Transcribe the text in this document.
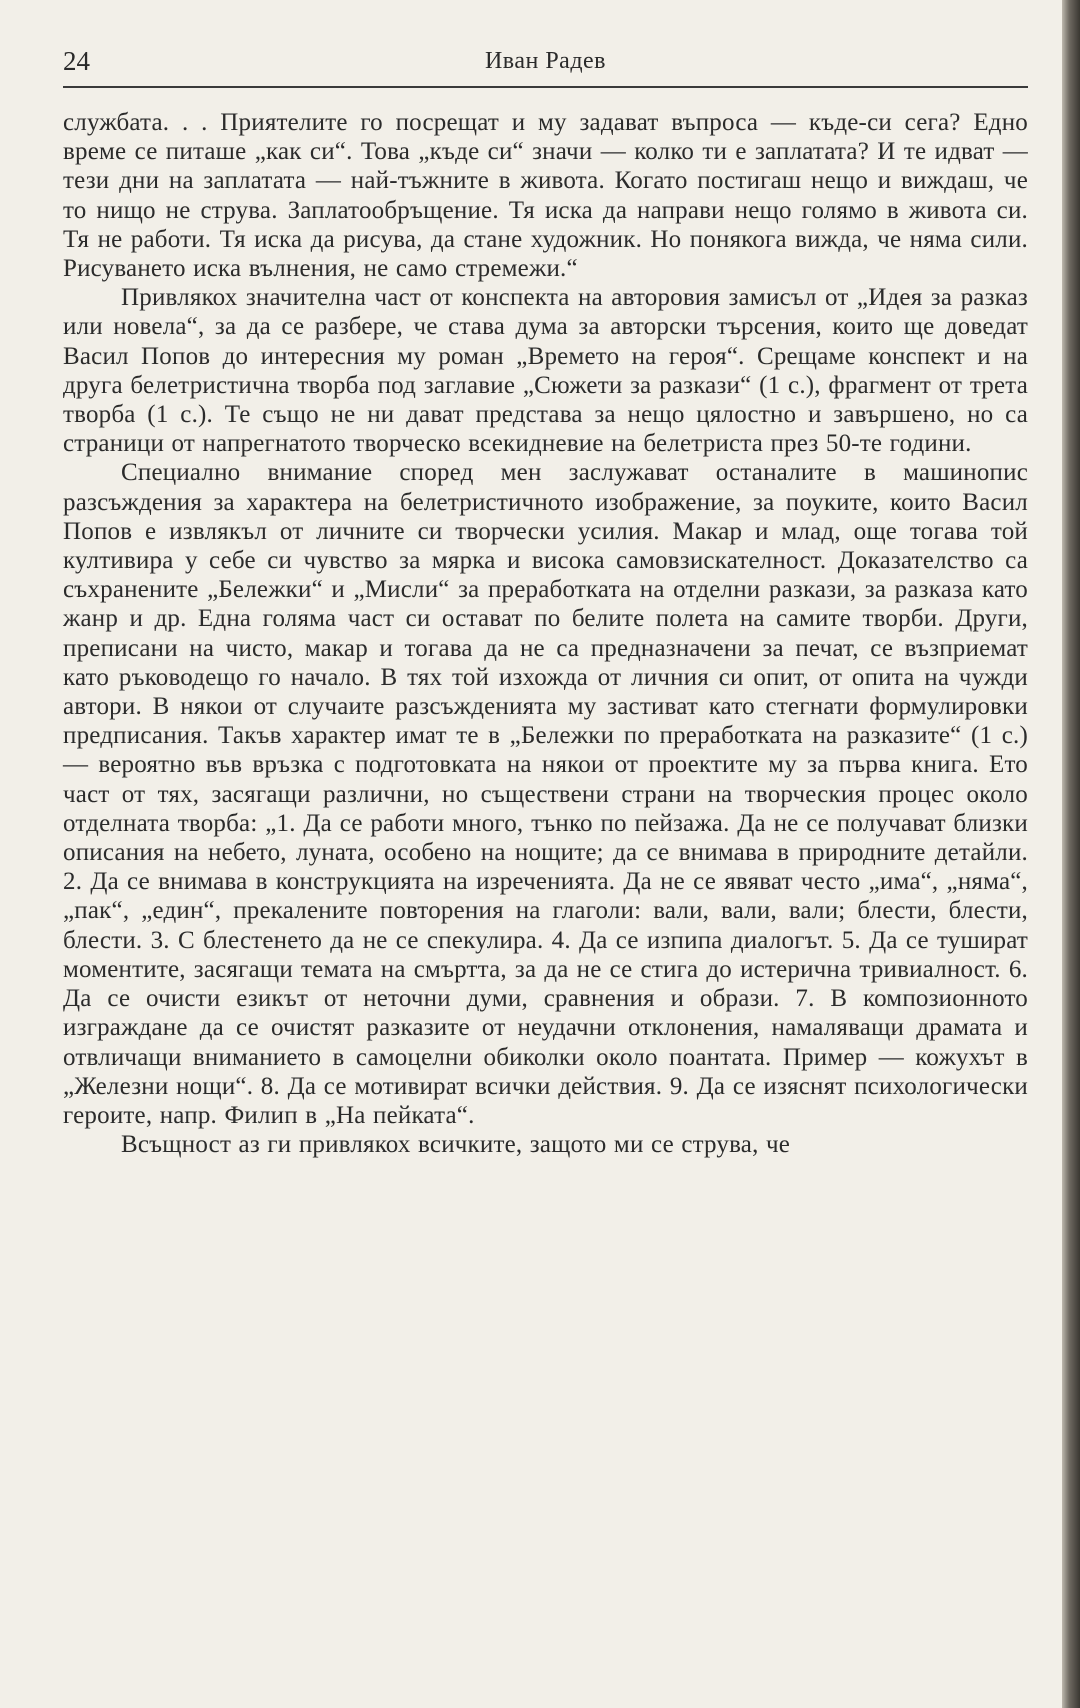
24	Иван Радев

службата. . . Приятелите го посрещат и му задават въпроса — къде-си сега? Едно време се питаше „как си“. Това „къде си“ значи — колко ти е заплатата? И те идват — тези дни на заплатата — най-тъжните в живота. Когато постигаш нещо и виждаш, че то нищо не струва. Заплатообръщение. Тя иска да направи нещо голямо в живота си. Тя не работи. Тя иска да рисува, да стане художник. Но понякога вижда, че няма сили. Рисуването иска вълнения, не само стремежи.“

Привлякох значителна част от конспекта на авторовия замисъл от „Идея за разказ или новела“, за да се разбере, че става дума за авторски търсения, които ще доведат Васил Попов до интересния му роман „Времето на героя“. Срещаме конспект и на друга белетристична творба под заглавие „Сюжети за разкази“ (1 с.), фрагмент от трета творба (1 с.). Те също не ни дават представа за нещо цялостно и завършено, но са страници от напрегнатото творческо всекидневие на белетриста през 50-те години.

Специално внимание според мен заслужават останалите в машинопис разсъждения за характера на белетристичното изображение, за поуките, които Васил Попов е извлякъл от личните си творчески усилия. Макар и млад, още тогава той култивира у себе си чувство за мярка и висока самовзискателност. Доказателство са съхранените „Бележки“ и „Мисли“ за преработката на отделни разкази, за разказа като жанр и др. Една голяма част си остават по белите полета на самите творби. Други, преписани на чисто, макар и тогава да не са предназначени за печат, се възприемат като ръководещо го начало. В тях той изхожда от личния си опит, от опита на чужди автори. В някои от случаите разсъжденията му застиват като стегнати формулировки предписания. Такъв характер имат те в „Бележки по преработката на разказите“ (1 с.) — вероятно във връзка с подготовката на някои от проектите му за първа книга. Ето част от тях, засягащи различни, но съществени страни на творческия процес около отделната творба: „1. Да се работи много, тънко по пейзажа. Да не се получават близки описания на небето, луната, особено на нощите; да се внимава в природните детайли. 2. Да се внимава в конструкцията на изреченията. Да не се явяват често „има“, „няма“, „пак“, „един“, прекалените повторения на глаголи: вали, вали, вали; блести, блести, блести. 3. С блестенето да не се спекулира. 4. Да се изпипа диалогът. 5. Да се тушират моментите, засягащи темата на смъртта, за да не се стига до истерична тривиалност. 6. Да се очисти езикът от неточни думи, сравнения и образи. 7. В композионното изграждане да се очистят разказите от неудачни отклонения, намаляващи драмата и отвличащи вниманието в самоцелни обиколки около поантата. Пример — кожухът в „Железни нощи“. 8. Да се мотивират всички действия. 9. Да се изяснят психологически героите, напр. Филип в „На пейката“.

Всъщност аз ги привлякох всичките, защото ми се струва, че
